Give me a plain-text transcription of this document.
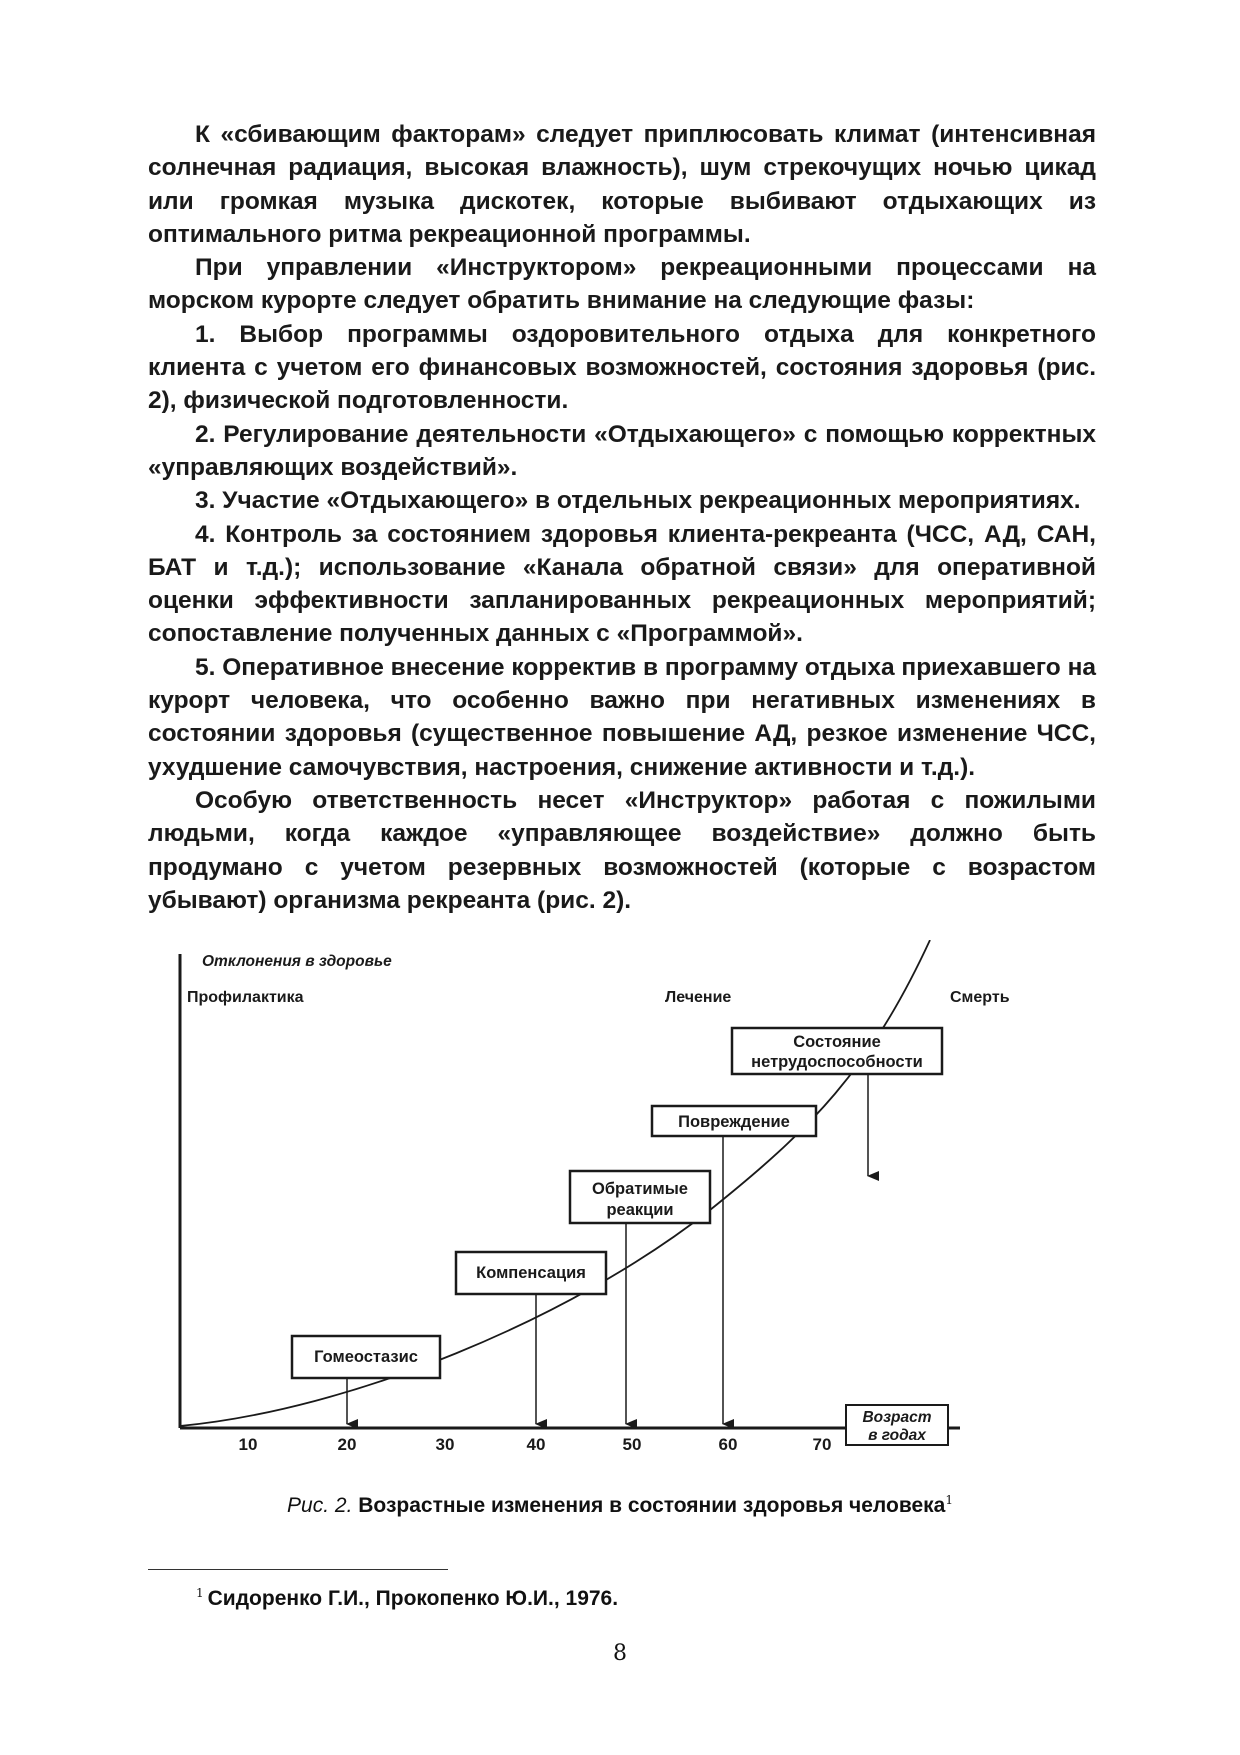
К «сбивающим факторам» следует приплюсовать климат (интенсивная солнечная радиация, высокая влажность), шум стрекочущих ночью цикад или громкая музыка дискотек, которые выбивают отдыхающих из оптимального ритма рекреационной программы.

При управлении «Инструктором» рекреационными процессами на морском курорте следует обратить внимание на следующие фазы:

1. Выбор программы оздоровительного отдыха для конкретного клиента с учетом его финансовых возможностей, состояния здоровья (рис. 2), физической подготовленности.

2. Регулирование деятельности «Отдыхающего» с помощью корректных «управляющих воздействий».

3. Участие «Отдыхающего» в отдельных рекреационных мероприятиях.

4. Контроль за состоянием здоровья клиента-рекреанта (ЧСС, АД, САН, БАТ и т.д.); использование «Канала обратной связи» для оперативной оценки эффективности запланированных рекреационных мероприятий; сопоставление полученных данных с «Программой».

5. Оперативное внесение корректив в программу отдыха приехавшего на курорт человека, что особенно важно при негативных изменениях в состоянии здоровья (существенное повышение АД, резкое изменение ЧСС, ухудшение самочувствия, настроения, снижение активности и т.д.).

Особую ответственность несет «Инструктор» работая с пожилыми людьми, когда каждое «управляющее воздействие» должно быть продумано с учетом резервных возможностей (которые с возрастом убывают) организма рекреанта (рис. 2).

Отклонения в здоровье
Профилактика	Лечение	Смерть
Гомеостазис
Компенсация
Обратимые
реакции
Повреждение
Состояние
нетрудоспособности
10	20	30	40	50	60	70
Возраст
в годах
Рис. 2. Возрастные изменения в состоянии здоровья человека$^1$
$^1$ Сидоренко Г.И., Прокопенко Ю.И., 1976.
8
